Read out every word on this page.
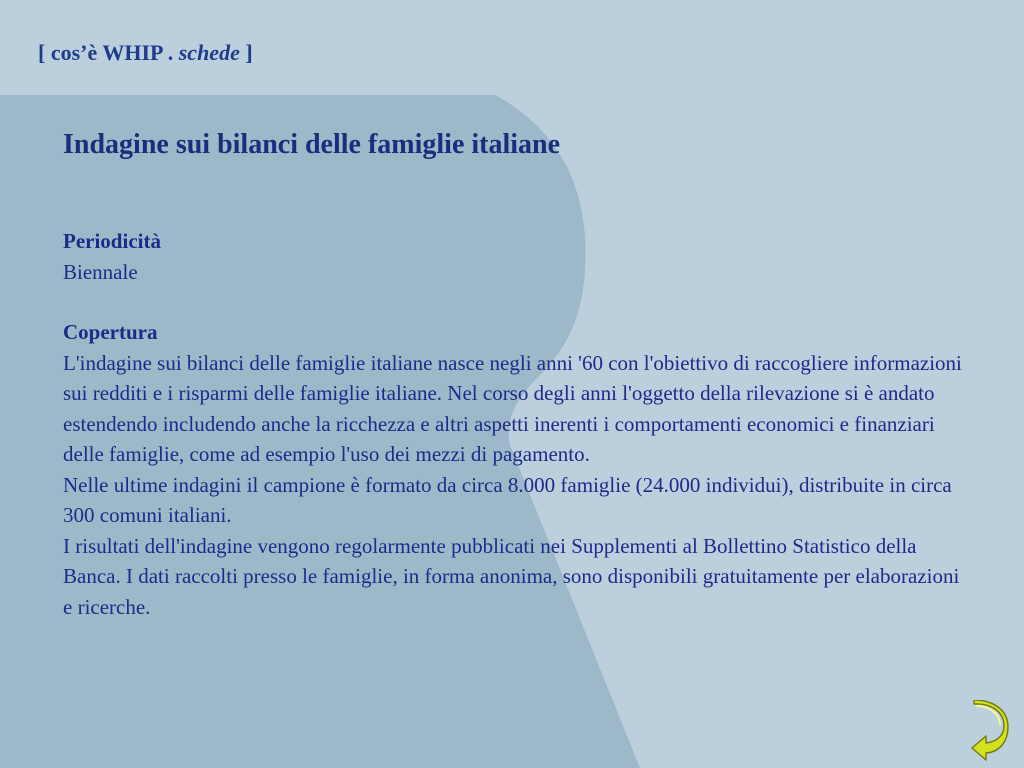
[ cos’è WHIP . schede ]
Indagine sui bilanci delle famiglie italiane
Periodicità
Biennale
Copertura
L'indagine sui bilanci delle famiglie italiane nasce negli anni '60 con l'obiettivo di raccogliere informazioni sui redditi e i risparmi delle famiglie italiane. Nel corso degli anni l'oggetto della rilevazione si è andato estendendo includendo anche la ricchezza e altri aspetti inerenti i comportamenti economici e finanziari delle famiglie, come ad esempio l'uso dei mezzi di pagamento.
Nelle ultime indagini il campione è formato da circa 8.000 famiglie (24.000 individui), distribuite in circa 300 comuni italiani.
I risultati dell'indagine vengono regolarmente pubblicati nei Supplementi al Bollettino Statistico della Banca. I dati raccolti presso le famiglie, in forma anonima, sono disponibili gratuitamente per elaborazioni e ricerche.
